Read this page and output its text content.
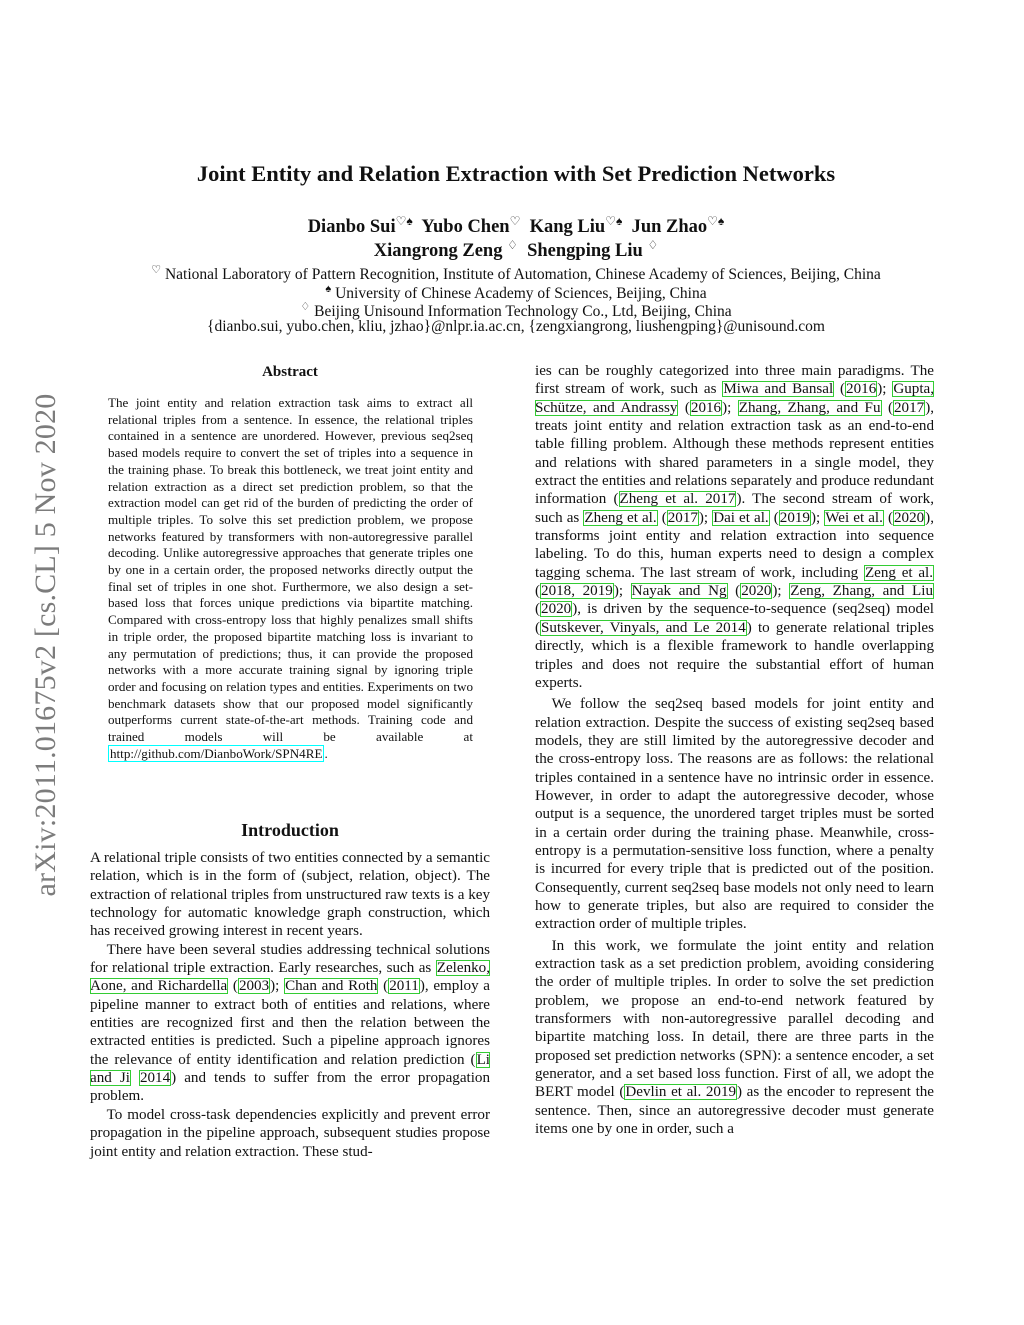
arXiv:2011.01675v2 [cs.CL] 5 Nov 2020
Joint Entity and Relation Extraction with Set Prediction Networks
Dianbo Sui♡♠ Yubo Chen♡ Kang Liu♡♠ Jun Zhao♡♠
Xiangrong Zeng ♢ Shengping Liu ♢
♡ National Laboratory of Pattern Recognition, Institute of Automation, Chinese Academy of Sciences, Beijing, China
♠ University of Chinese Academy of Sciences, Beijing, China
♢ Beijing Unisound Information Technology Co., Ltd, Beijing, China
{dianbo.sui, yubo.chen, kliu, jzhao}@nlpr.ia.ac.cn, {zengxiangrong, liushengping}@unisound.com
Abstract
The joint entity and relation extraction task aims to extract all relational triples from a sentence. In essence, the relational triples contained in a sentence are unordered. However, previous seq2seq based models require to convert the set of triples into a sequence in the training phase. To break this bottleneck, we treat joint entity and relation extraction as a direct set prediction problem, so that the extraction model can get rid of the burden of predicting the order of multiple triples. To solve this set prediction problem, we propose networks featured by transformers with non-autoregressive parallel decoding. Unlike autoregressive approaches that generate triples one by one in a certain order, the proposed networks directly output the final set of triples in one shot. Furthermore, we also design a set-based loss that forces unique predictions via bipartite matching. Compared with cross-entropy loss that highly penalizes small shifts in triple order, the proposed bipartite matching loss is invariant to any permutation of predictions; thus, it can provide the proposed networks with a more accurate training signal by ignoring triple order and focusing on relation types and entities. Experiments on two benchmark datasets show that our proposed model significantly outperforms current state-of-the-art methods. Training code and trained models will be available at http://github.com/DianboWork/SPN4RE .
Introduction

A relational triple consists of two entities connected by a semantic relation, which is in the form of (subject, relation, object). The extraction of relational triples from unstructured raw texts is a key technology for automatic knowledge graph construction, which has received growing interest in recent years.

There have been several studies addressing technical solutions for relational triple extraction. Early researches, such as Zelenko, Aone, and Richardella (2003); Chan and Roth (2011), employ a pipeline manner to extract both of entities and relations, where entities are recognized first and then the relation between the extracted entities is predicted. Such a pipeline approach ignores the relevance of entity identification and relation prediction (Li and Ji 2014) and tends to suffer from the error propagation problem.

To model cross-task dependencies explicitly and prevent error propagation in the pipeline approach, subsequent studies propose joint entity and relation extraction. These stud-

ies can be roughly categorized into three main paradigms. The first stream of work, such as Miwa and Bansal (2016); Gupta, Schütze, and Andrassy (2016); Zhang, Zhang, and Fu (2017), treats joint entity and relation extraction task as an end-to-end table filling problem. Although these methods represent entities and relations with shared parameters in a single model, they extract the entities and relations separately and produce redundant information (Zheng et al. 2017). The second stream of work, such as Zheng et al. (2017); Dai et al. (2019); Wei et al. (2020), transforms joint entity and relation extraction into sequence labeling. To do this, human experts need to design a complex tagging schema. The last stream of work, including Zeng et al. (2018, 2019); Nayak and Ng (2020); Zeng, Zhang, and Liu (2020), is driven by the sequence-to-sequence (seq2seq) model (Sutskever, Vinyals, and Le 2014) to generate relational triples directly, which is a flexible framework to handle overlapping triples and does not require the substantial effort of human experts.

We follow the seq2seq based models for joint entity and relation extraction. Despite the success of existing seq2seq based models, they are still limited by the autoregressive decoder and the cross-entropy loss. The reasons are as follows: the relational triples contained in a sentence have no intrinsic order in essence. However, in order to adapt the autoregressive decoder, whose output is a sequence, the unordered target triples must be sorted in a certain order during the training phase. Meanwhile, cross-entropy is a permutation-sensitive loss function, where a penalty is incurred for every triple that is predicted out of the position. Consequently, current seq2seq base models not only need to learn how to generate triples, but also are required to consider the extraction order of multiple triples.

In this work, we formulate the joint entity and relation extraction task as a set prediction problem, avoiding considering the order of multiple triples. In order to solve the set prediction problem, we propose an end-to-end network featured by transformers with non-autoregressive parallel decoding and bipartite matching loss. In detail, there are three parts in the proposed set prediction networks (SPN): a sentence encoder, a set generator, and a set based loss function. First of all, we adopt the BERT model (Devlin et al. 2019) as the encoder to represent the sentence. Then, since an autoregressive decoder must generate items one by one in order, such a
